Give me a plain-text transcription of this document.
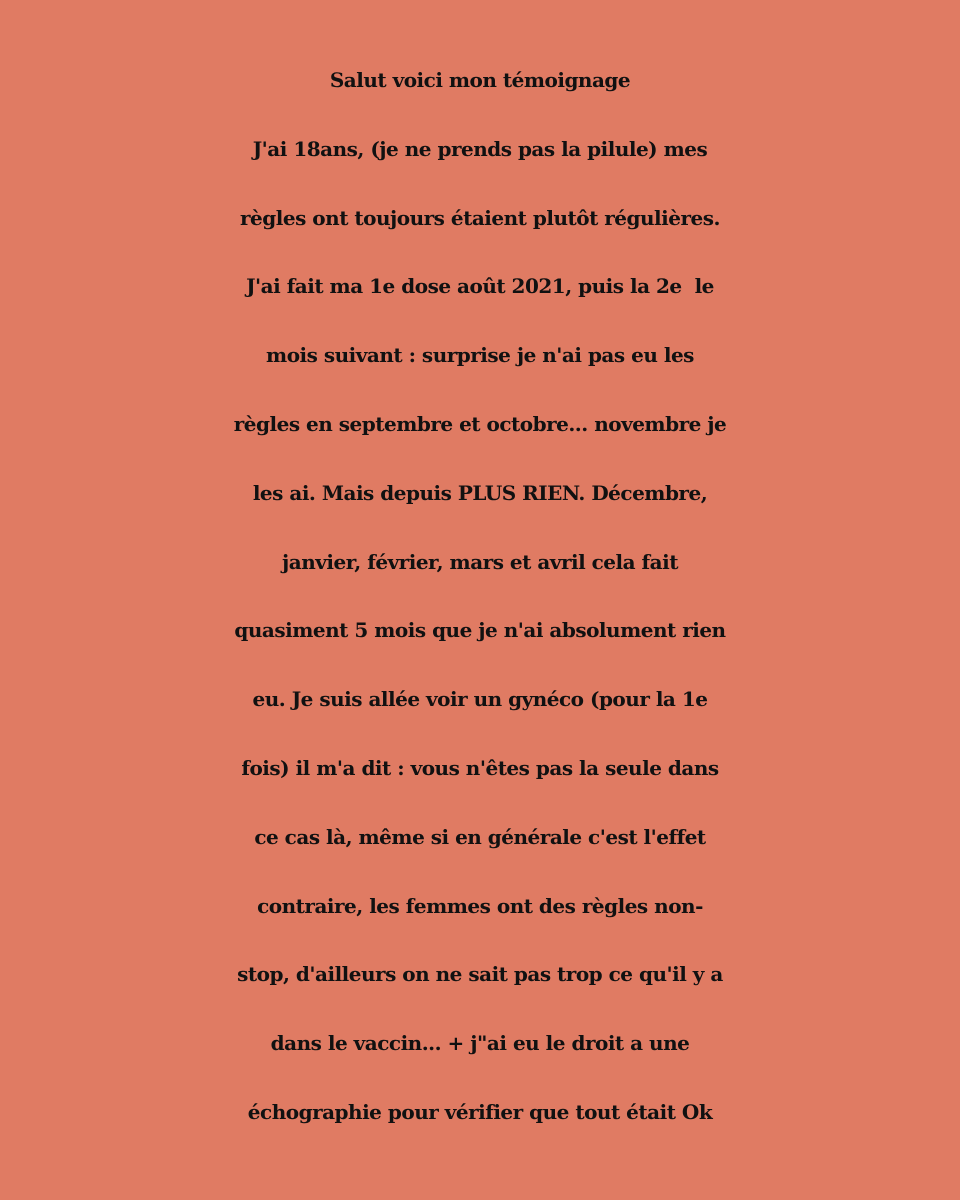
Salut voici mon témoignage
J'ai 18ans, (je ne prends pas la pilule) mes
règles ont toujours étaient plutôt régulières.
J'ai fait ma 1e dose août 2021, puis la 2e  le
mois suivant : surprise je n'ai pas eu les
règles en septembre et octobre... novembre je
les ai. Mais depuis PLUS RIEN. Décembre,
janvier, février, mars et avril cela fait
quasiment 5 mois que je n'ai absolument rien
eu. Je suis allée voir un gynéco (pour la 1e
fois) il m'a dit : vous n'êtes pas la seule dans
ce cas là, même si en générale c'est l'effet
contraire, les femmes ont des règles non-
stop, d'ailleurs on ne sait pas trop ce qu'il y a
dans le vaccin... + j"ai eu le droit a une
échographie pour vérifier que tout était Ok
